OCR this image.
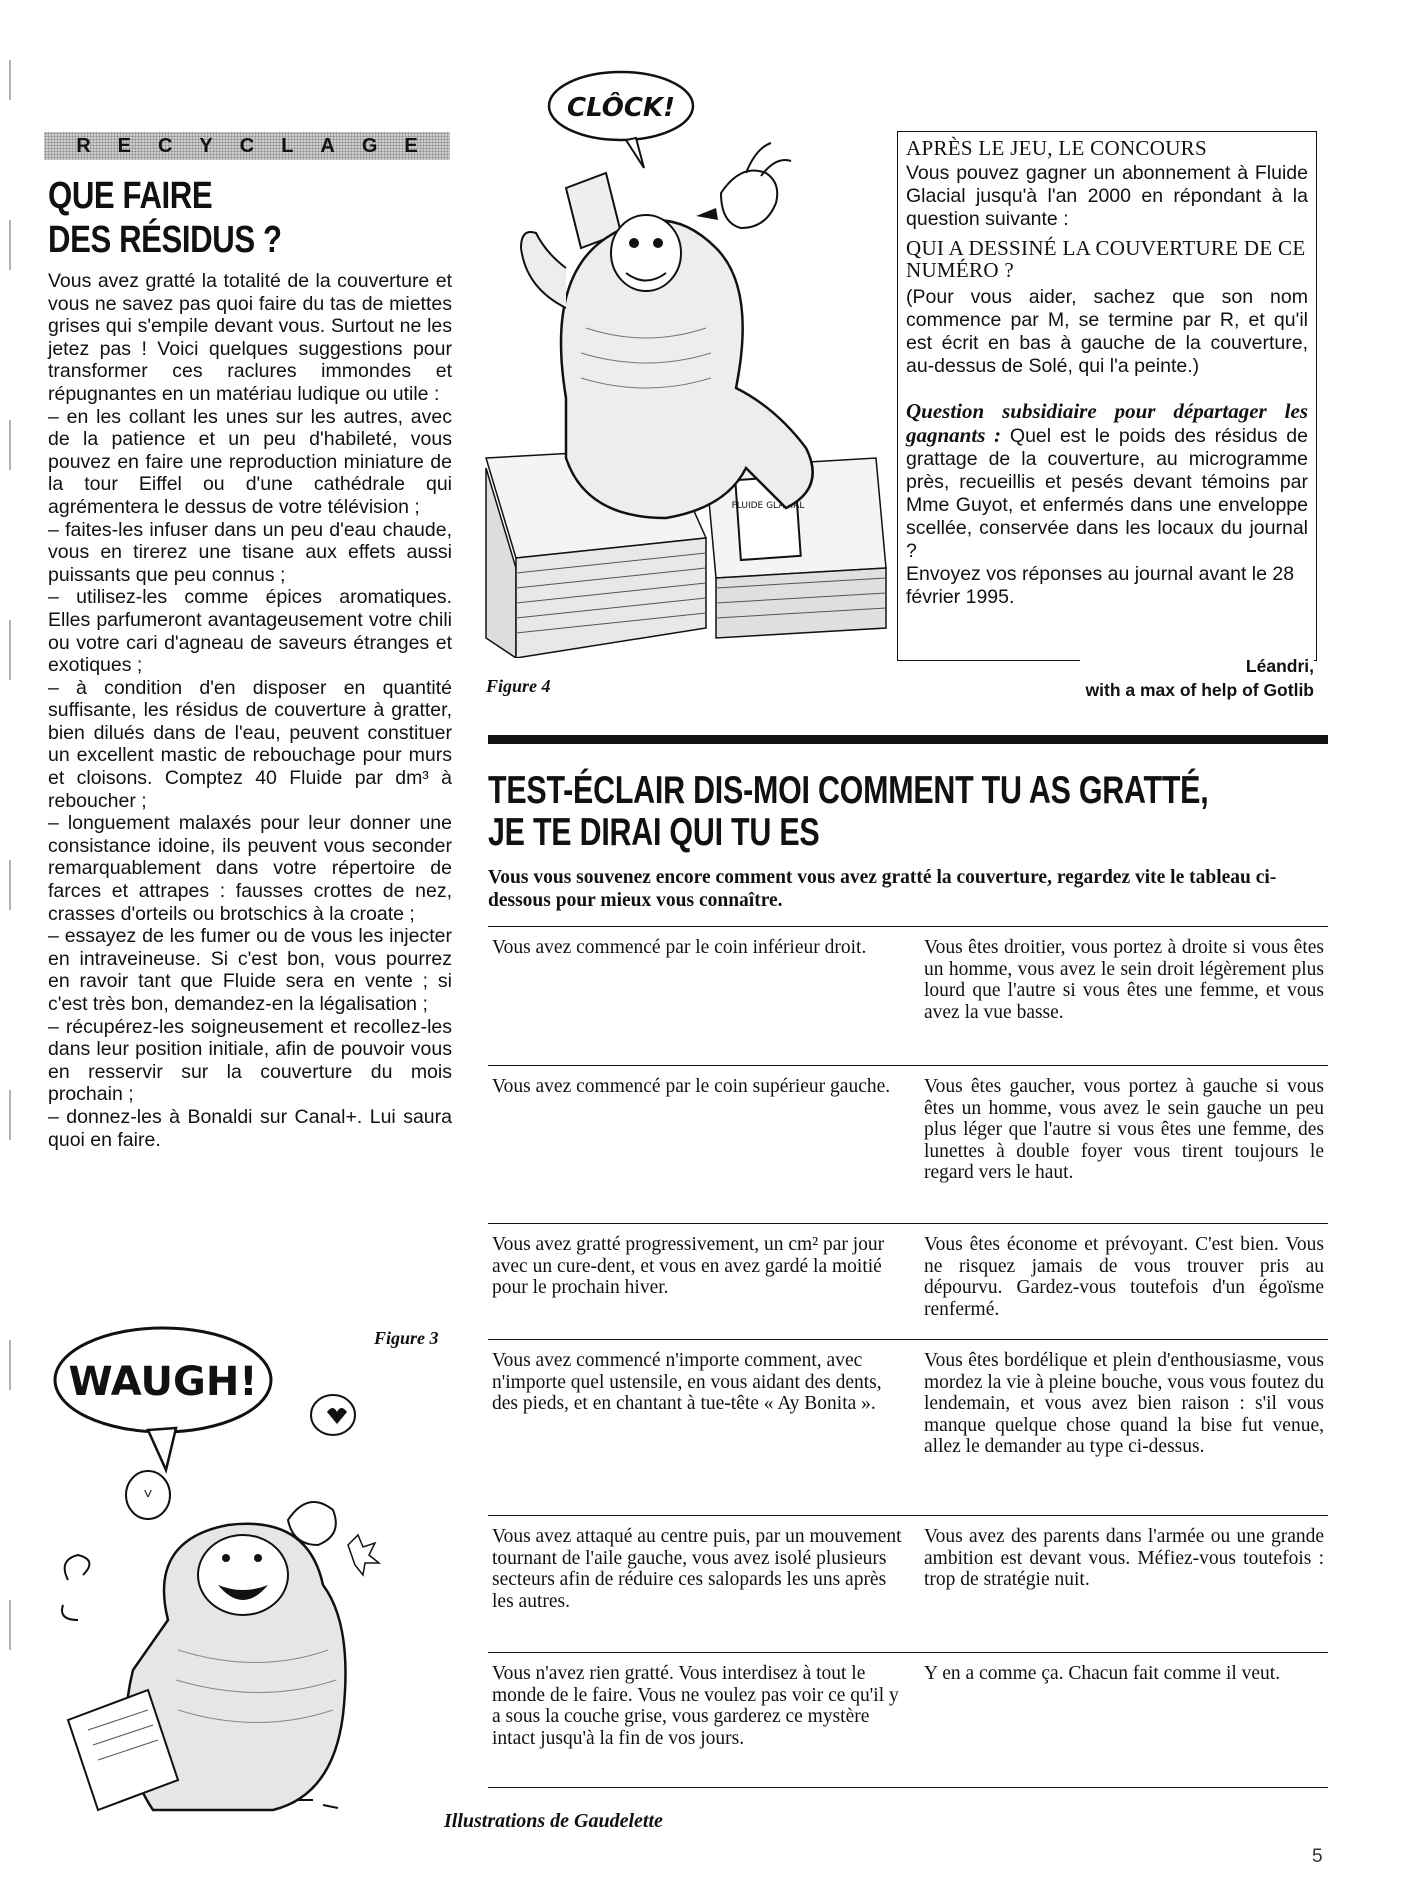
RECYCLAGE
QUE FAIRE
DES RÉSIDUS ?

Vous avez gratté la totalité de la couverture et vous ne savez pas quoi faire du tas de miettes grises qui s'empile devant vous. Surtout ne les jetez pas ! Voici quelques suggestions pour transformer ces raclures immondes et répugnantes en un matériau ludique ou utile :

– en les collant les unes sur les autres, avec de la patience et un peu d'habileté, vous pouvez en faire une reproduction miniature de la tour Eiffel ou d'une cathédrale qui agrémentera le dessus de votre télévision ;

– faites-les infuser dans un peu d'eau chaude, vous en tirerez une tisane aux effets aussi puissants que peu connus ;

– utilisez-les comme épices aromatiques. Elles parfumeront avantageusement votre chili ou votre cari d'agneau de saveurs étranges et exotiques ;

– à condition d'en disposer en quantité suffisante, les résidus de couverture à gratter, bien dilués dans de l'eau, peuvent constituer un excellent mastic de rebouchage pour murs et cloisons. Comptez 40 Fluide par dm³ à reboucher ;

– longuement malaxés pour leur donner une consistance idoine, ils peuvent vous seconder remarquablement dans votre répertoire de farces et attrapes : fausses crottes de nez, crasses d'orteils ou brotschics à la croate ;

– essayez de les fumer ou de vous les injecter en intraveineuse. Si c'est bon, vous pourrez en ravoir tant que Fluide sera en vente ; si c'est très bon, demandez-en la légalisation ;

– récupérez-les soigneusement et recollez-les dans leur position initiale, afin de pouvoir vous en resservir sur la couverture du mois prochain ;

– donnez-les à Bonaldi sur Canal+. Lui saura quoi en faire.

CLÔCK!
FLUIDE GLACIAL
Figure 4
APRÈS LE JEU, LE CONCOURS
Vous pouvez gagner un abonnement à Fluide Glacial jusqu'à l'an 2000 en répondant à la question suivante :
QUI A DESSINÉ LA COUVERTURE DE CE NUMÉRO ?
(Pour vous aider, sachez que son nom commence par M, se termine par R, et qu'il est écrit en bas à gauche de la couverture, au-dessus de Solé, qui l'a peinte.)
Question subsidiaire pour départager les gagnants : Quel est le poids des résidus de grattage de la couverture, au microgramme près, recueillis et pesés devant témoins par Mme Guyot, et enfermés dans une enveloppe scellée, conservée dans les locaux du journal ?
Envoyez vos réponses au journal avant le 28 février 1995.
Léandri,
with a max of help of Gotlib
TEST-ÉCLAIR DIS-MOI COMMENT TU AS GRATTÉ,
JE TE DIRAI QUI TU ES
Vous vous souvenez encore comment vous avez gratté la couverture, regardez vite le tableau ci-dessous pour mieux vous connaître.
Vous avez commencé par le coin inférieur droit.	Vous êtes droitier, vous portez à droite si vous êtes un homme, vous avez le sein droit légèrement plus lourd que l'autre si vous êtes une femme, et vous avez la vue basse.
Vous avez commencé par le coin supérieur gauche.	Vous êtes gaucher, vous portez à gauche si vous êtes un homme, vous avez le sein gauche un peu plus léger que l'autre si vous êtes une femme, des lunettes à double foyer vous tirent toujours le regard vers le haut.
Vous avez gratté progressivement, un cm² par jour avec un cure-dent, et vous en avez gardé la moitié pour le prochain hiver.
Vous êtes économe et prévoyant. C'est bien. Vous ne risquez jamais de vous trouver pris au dépourvu. Gardez-vous toutefois d'un égoïsme renfermé.
Vous avez commencé n'importe comment, avec n'importe quel ustensile, en vous aidant des dents, des pieds, et en chantant à tue-tête « Ay Bonita ».
Vous êtes bordélique et plein d'enthousiasme, vous mordez la vie à pleine bouche, vous vous foutez du lendemain, et vous avez bien raison : s'il vous manque quelque chose quand la bise fut venue, allez le demander au type ci-dessus.
Vous avez attaqué au centre puis, par un mouvement tournant de l'aile gauche, vous avez isolé plusieurs secteurs afin de réduire ces salopards les uns après les autres.
Vous avez des parents dans l'armée ou une grande ambition est devant vous. Méfiez-vous toutefois : trop de stratégie nuit.
Vous n'avez rien gratté. Vous interdisez à tout le monde de le faire. Vous ne voulez pas voir ce qu'il y a sous la couche grise, vous garderez ce mystère intact jusqu'à la fin de vos jours.
Y en a comme ça. Chacun fait comme il veut.
WAUGH!
ⱽ
Figure 3
Illustrations de Gaudelette
5
